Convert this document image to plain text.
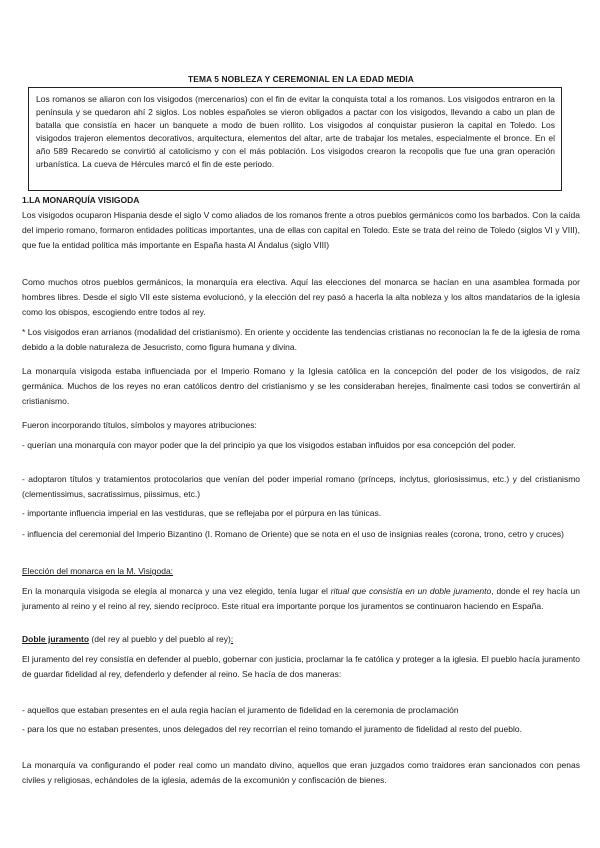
TEMA 5 NOBLEZA Y CEREMONIAL EN LA EDAD MEDIA
Los romanos se aliaron con los visigodos (mercenarios) con el fin de evitar la conquista total a los romanos. Los visigodos entraron en la península y se quedaron ahí 2 siglos. Los nobles españoles se vieron obligados a pactar con los visigodos, llevando a cabo un plan de batalla que consistía en hacer un banquete a modo de buen rollito. Los visigodos al conquistar pusieron la capital en Toledo. Los visigodos trajeron elementos decorativos, arquitectura, elementos del altar, arte de trabajar los metales, especialmente el bronce. En el año 589 Recaredo se convirtió al catolicismo y con el más población. Los visigodos crearon la recopolis que fue una gran operación urbanística. La cueva de Hércules marcó el fin de este periodo.
1.LA MONARQUÍA VISIGODA
Los visigodos ocuparon Hispania desde el siglo V como aliados de los romanos frente a otros pueblos germánicos como los barbados. Con la caída del imperio romano, formaron entidades políticas importantes, una de ellas con capital en Toledo. Este se trata del reino de Toledo (siglos VI y VIII), que fue la entidad política más importante en España hasta Al Ándalus (siglo VIII)
Como muchos otros pueblos germánicos, la monarquía era electiva. Aquí las elecciones del monarca se hacían en una asamblea formada por hombres libres. Desde el siglo VII este sistema evolucionó, y la elección del rey pasó a hacerla la alta nobleza y los altos mandatarios de la iglesia como los obispos, escogiendo entre todos al rey.
* Los visigodos eran arrianos (modalidad del cristianismo). En oriente y occidente las tendencias cristianas no reconocían la fe de la iglesia de roma debido a la doble naturaleza de Jesucristo, como figura humana y divina.
La monarquía visigoda estaba influenciada por el Imperio Romano y la Iglesia católica en la concepción del poder de los visigodos, de raíz germánica. Muchos de los reyes no eran católicos dentro del cristianismo y se les consideraban herejes, finalmente casi todos se convertirán al cristianismo.
Fueron incorporando títulos, símbolos y mayores atribuciones:
- querían una monarquía con mayor poder que la del principio ya que los visigodos estaban influidos por esa concepción del poder.
- adoptaron títulos y tratamientos protocolarios que venían del poder imperial romano (prínceps, inclytus, gloriosissimus, etc.) y del cristianismo (clementissimus, sacratissimus, piissimus, etc.)
- importante influencia imperial en las vestiduras, que se reflejaba por el púrpura en las túnicas.
- influencia del ceremonial del Imperio Bizantino (I. Romano de Oriente) que se nota en el uso de insignias reales (corona, trono, cetro y cruces)
Elección del monarca en la M. Visigoda:
En la monarquía visigoda se elegía al monarca y una vez elegido, tenía lugar el ritual que consistía en un doble juramento, donde el rey hacía un juramento al reino y el reino al rey, siendo recíproco. Este ritual era importante porque los juramentos se continuaron haciendo en España.
Doble juramento (del rey al pueblo y del pueblo al rey):
El juramento del rey consistía en defender al pueblo, gobernar con justicia, proclamar la fe católica y proteger a la iglesia. El pueblo hacía juramento de guardar fidelidad al rey, defenderlo y defender al reino. Se hacía de dos maneras:
- aquellos que estaban presentes en el aula regia hacían el juramento de fidelidad en la ceremonia de proclamación
- para los que no estaban presentes, unos delegados del rey recorrían el reino tomando el juramento de fidelidad al resto del pueblo.
La monarquía va configurando el poder real como un mandato divino, aquellos que eran juzgados como traidores eran sancionados con penas civiles y religiosas, echándoles de la iglesia, además de la excomunión y confiscación de bienes.
